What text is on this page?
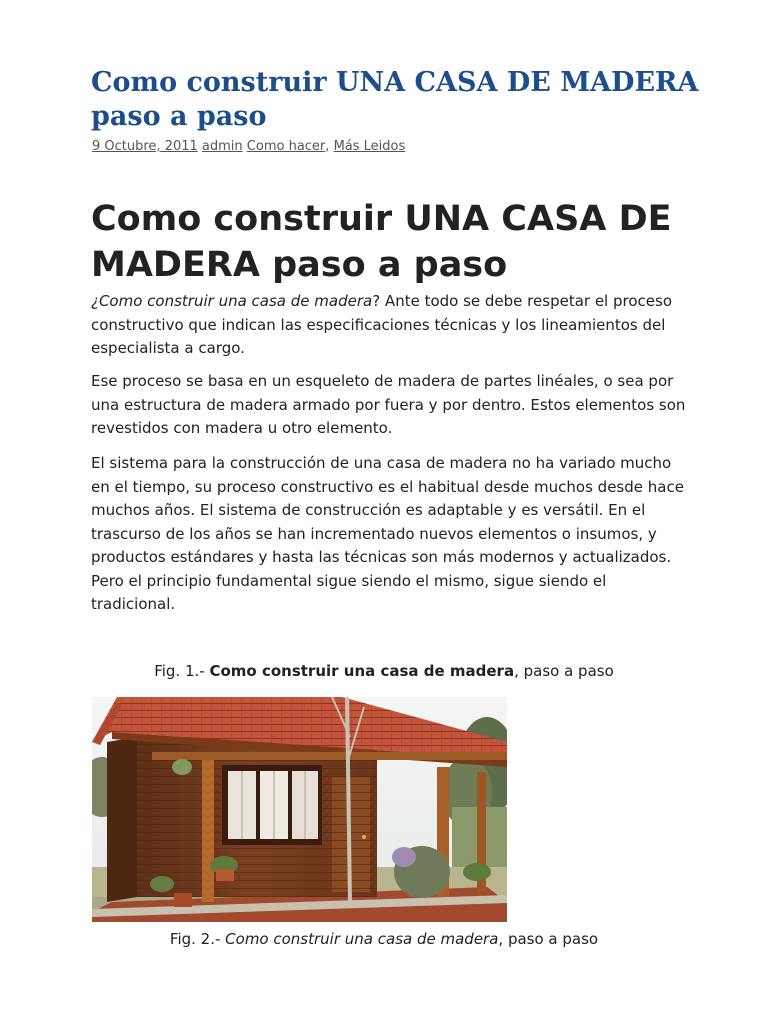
Como construir UNA CASA DE MADERA paso a paso
9 Octubre, 2011 admin Como hacer, Más Leidos
Como construir UNA CASA DE MADERA paso a paso

¿Como construir una casa de madera? Ante todo se debe respetar el proceso constructivo que indican las especificaciones técnicas y los lineamientos del especialista a cargo.

Ese proceso se basa en un esqueleto de madera de partes linéales, o sea por una estructura de madera armado por fuera y por dentro. Estos elementos son revestidos con madera u otro elemento.

El sistema para la construcción de una casa de madera no ha variado mucho en el tiempo, su proceso constructivo es el habitual desde muchos desde hace muchos años. El sistema de construcción es adaptable y es versátil. En el trascurso de los años se han incrementado nuevos elementos o insumos, y productos estándares y hasta las técnicas son más modernos y actualizados. Pero el principio fundamental sigue siendo el mismo, sigue siendo el tradicional.

Fig. 1.- Como construir una casa de madera, paso a paso
Fig. 2.- Como construir una casa de madera, paso a paso
